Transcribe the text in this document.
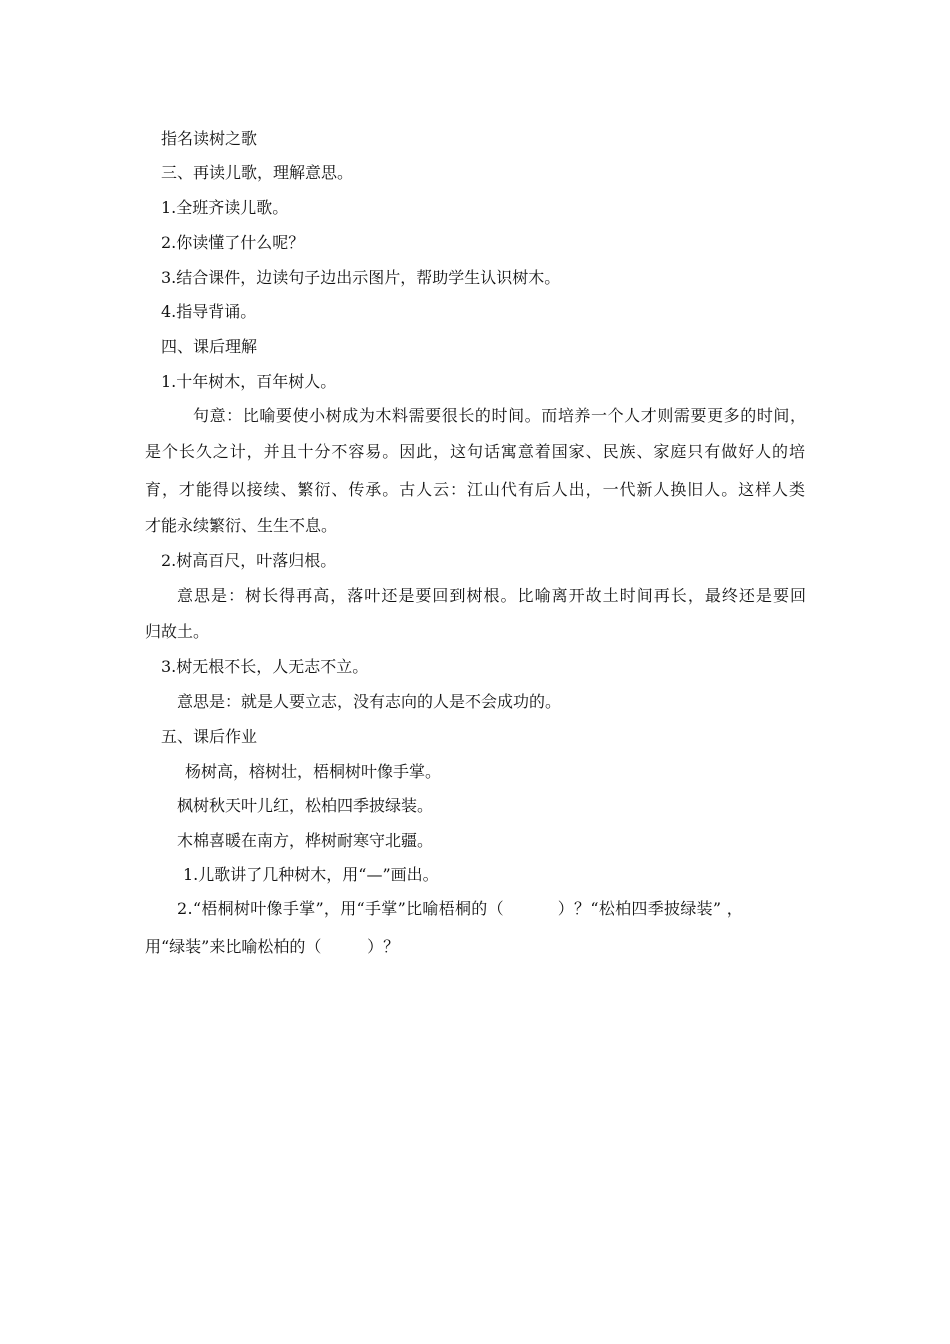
指名读树之歌
三、再读儿歌，理解意思。
1.全班齐读儿歌。
2.你读懂了什么呢？
3.结合课件，边读句子边出示图片，帮助学生认识树木。
4.指导背诵。
四、课后理解
1.十年树木，百年树人。
句意：比喻要使小树成为木料需要很长的时间。而培养一个人才则需要更多的时间，
是个长久之计，并且十分不容易。因此，这句话寓意着国家、民族、家庭只有做好人的培
育，才能得以接续、繁衍、传承。古人云：江山代有后人出，一代新人换旧人。这样人类
才能永续繁衍、生生不息。
2.树高百尺，叶落归根。
意思是：树长得再高，落叶还是要回到树根。比喻离开故土时间再长，最终还是要回
归故土。
3.树无根不长，人无志不立。
意思是：就是人要立志，没有志向的人是不会成功的。
五、课后作业
杨树高，榕树壮，梧桐树叶像手掌。
枫树秋天叶儿红，松柏四季披绿装。
木棉喜暖在南方，桦树耐寒守北疆。
1.儿歌讲了几种树木，用“—”画出。
2.“梧桐树叶像手掌”，用“手掌”比喻梧桐的（          ）？“松柏四季披绿装” ，
用“绿装”来比喻松柏的（         ）？
